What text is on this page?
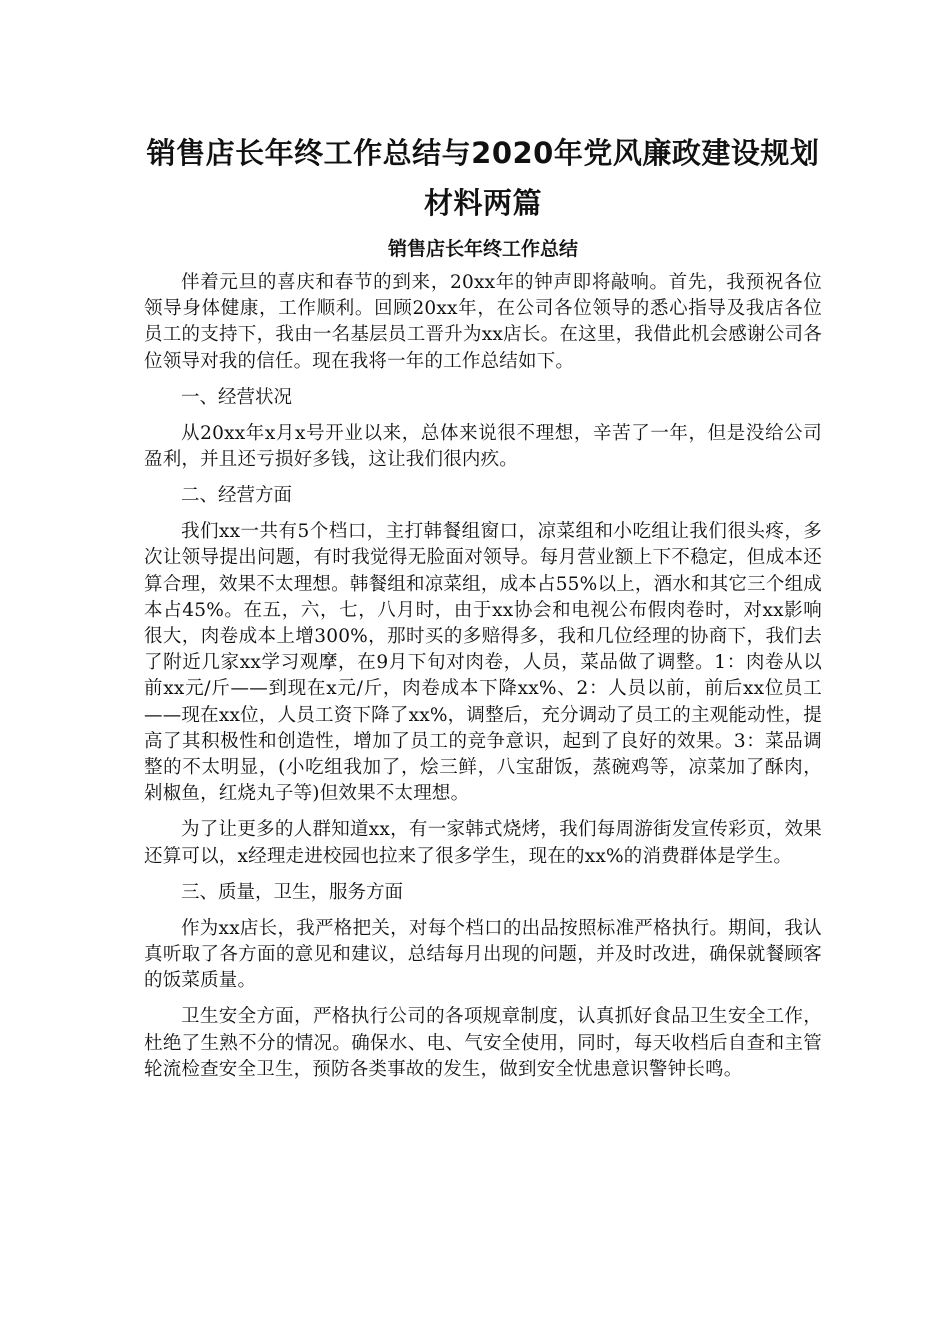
销售店长年终工作总结与2020年党风廉政建设规划
材料两篇
销售店长年终工作总结

伴着元旦的喜庆和春节的到来，20xx年的钟声即将敲响。首先，我预祝各位领导身体健康，工作顺利。回顾20xx年，在公司各位领导的悉心指导及我店各位员工的支持下，我由一名基层员工晋升为xx店长。在这里，我借此机会感谢公司各位领导对我的信任。现在我将一年的工作总结如下。

一、经营状况

从20xx年x月x号开业以来，总体来说很不理想，辛苦了一年，但是没给公司盈利，并且还亏损好多钱，这让我们很内疚。

二、经营方面

我们xx一共有5个档口，主打韩餐组窗口，凉菜组和小吃组让我们很头疼，多次让领导提出问题，有时我觉得无脸面对领导。每月营业额上下不稳定，但成本还算合理，效果不太理想。韩餐组和凉菜组，成本占55%以上，酒水和其它三个组成本占45%。在五，六，七，八月时，由于xx协会和电视公布假肉卷时，对xx影响很大，肉卷成本上增300%，那时买的多赔得多，我和几位经理的协商下，我们去了附近几家xx学习观摩，在9月下旬对肉卷，人员，菜品做了调整。1：肉卷从以前xx元/斤——到现在x元/斤，肉卷成本下降xx%、2：人员以前，前后xx位员工——现在xx位，人员工资下降了xx%，调整后，充分调动了员工的主观能动性，提高了其积极性和创造性，增加了员工的竞争意识，起到了良好的效果。3：菜品调整的不太明显，(小吃组我加了，烩三鲜，八宝甜饭，蒸碗鸡等，凉菜加了酥肉，剁椒鱼，红烧丸子等)但效果不太理想。

为了让更多的人群知道xx，有一家韩式烧烤，我们每周游街发宣传彩页，效果还算可以，x经理走进校园也拉来了很多学生，现在的xx%的消费群体是学生。

三、质量，卫生，服务方面

作为xx店长，我严格把关，对每个档口的出品按照标准严格执行。期间，我认真听取了各方面的意见和建议，总结每月出现的问题，并及时改进，确保就餐顾客的饭菜质量。

卫生安全方面，严格执行公司的各项规章制度，认真抓好食品卫生安全工作，杜绝了生熟不分的情况。确保水、电、气安全使用，同时，每天收档后自查和主管轮流检查安全卫生，预防各类事故的发生，做到安全忧患意识警钟长鸣。
